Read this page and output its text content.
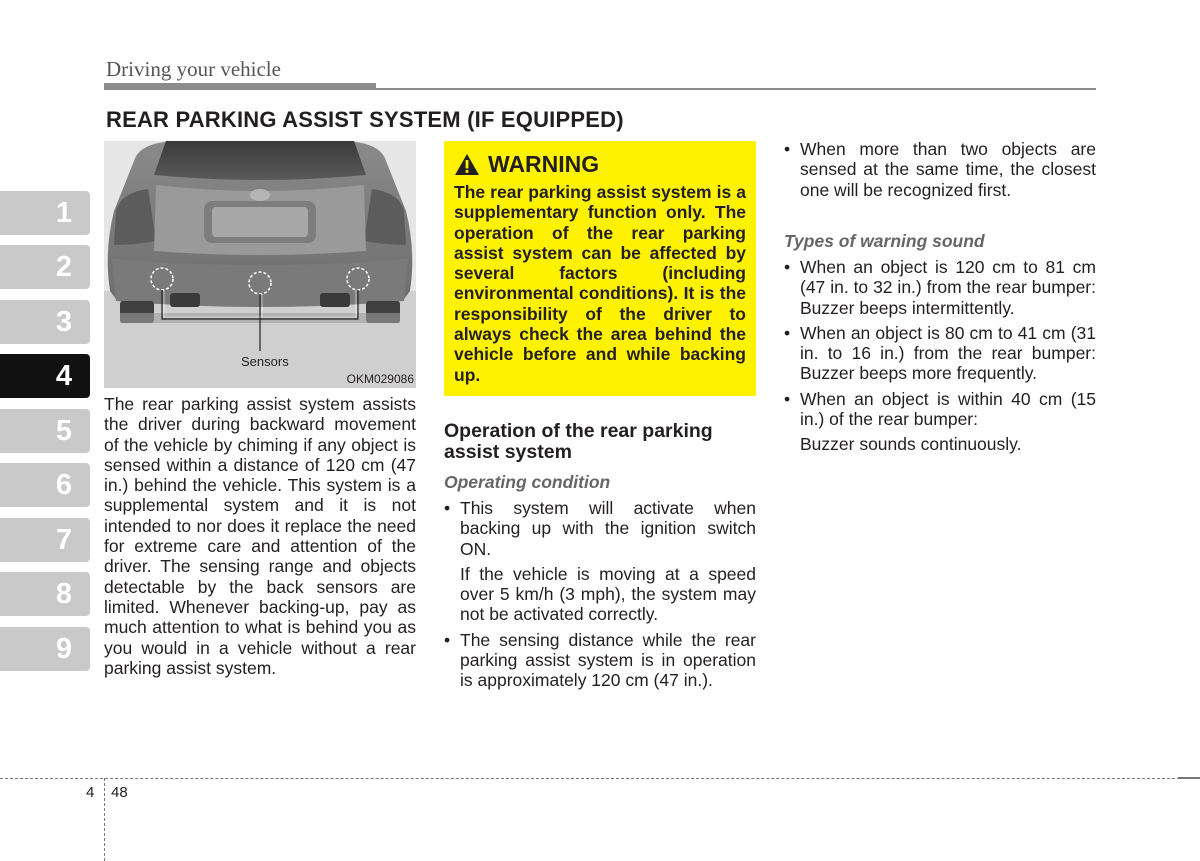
Driving your vehicle
REAR PARKING ASSIST SYSTEM (IF EQUIPPED)
1
2
3
4
5
6
7
8
9
Sensors
OKM029086
The rear parking assist system assists the driver during backward movement of the vehicle by chiming if any object is sensed within a distance of 120 cm (47 in.) behind the vehicle. This system is a supplemental system and it is not intended to nor does it replace the need for extreme care and attention of the driver. The sensing range and objects detectable by the back sensors are limited. Whenever backing-up, pay as much attention to what is behind you as you would in a vehicle without a rear parking assist system.
WARNING
The rear parking assist system is a supplementary function only. The operation of the rear parking assist system can be affected by several factors (including environmental conditions). It is the responsibility of the driver to always check the area behind the vehicle before and while backing up.
Operation of the rear parking assist system
Operating condition
• This system will activate when backing up with the ignition switch ON.
If the vehicle is moving at a speed over 5 km/h (3 mph), the system may not be activated correctly.
• The sensing distance while the rear parking assist system is in operation is approximately 120 cm (47 in.).
• When more than two objects are sensed at the same time, the closest one will be recognized first.
Types of warning sound
• When an object is 120 cm to 81 cm (47 in. to 32 in.) from the rear bumper: Buzzer beeps intermittently.
• When an object is 80 cm to 41 cm (31 in. to 16 in.) from the rear bumper: Buzzer beeps more frequently.
• When an object is within 40 cm (15 in.) of the rear bumper:
Buzzer sounds continuously.
4 48
